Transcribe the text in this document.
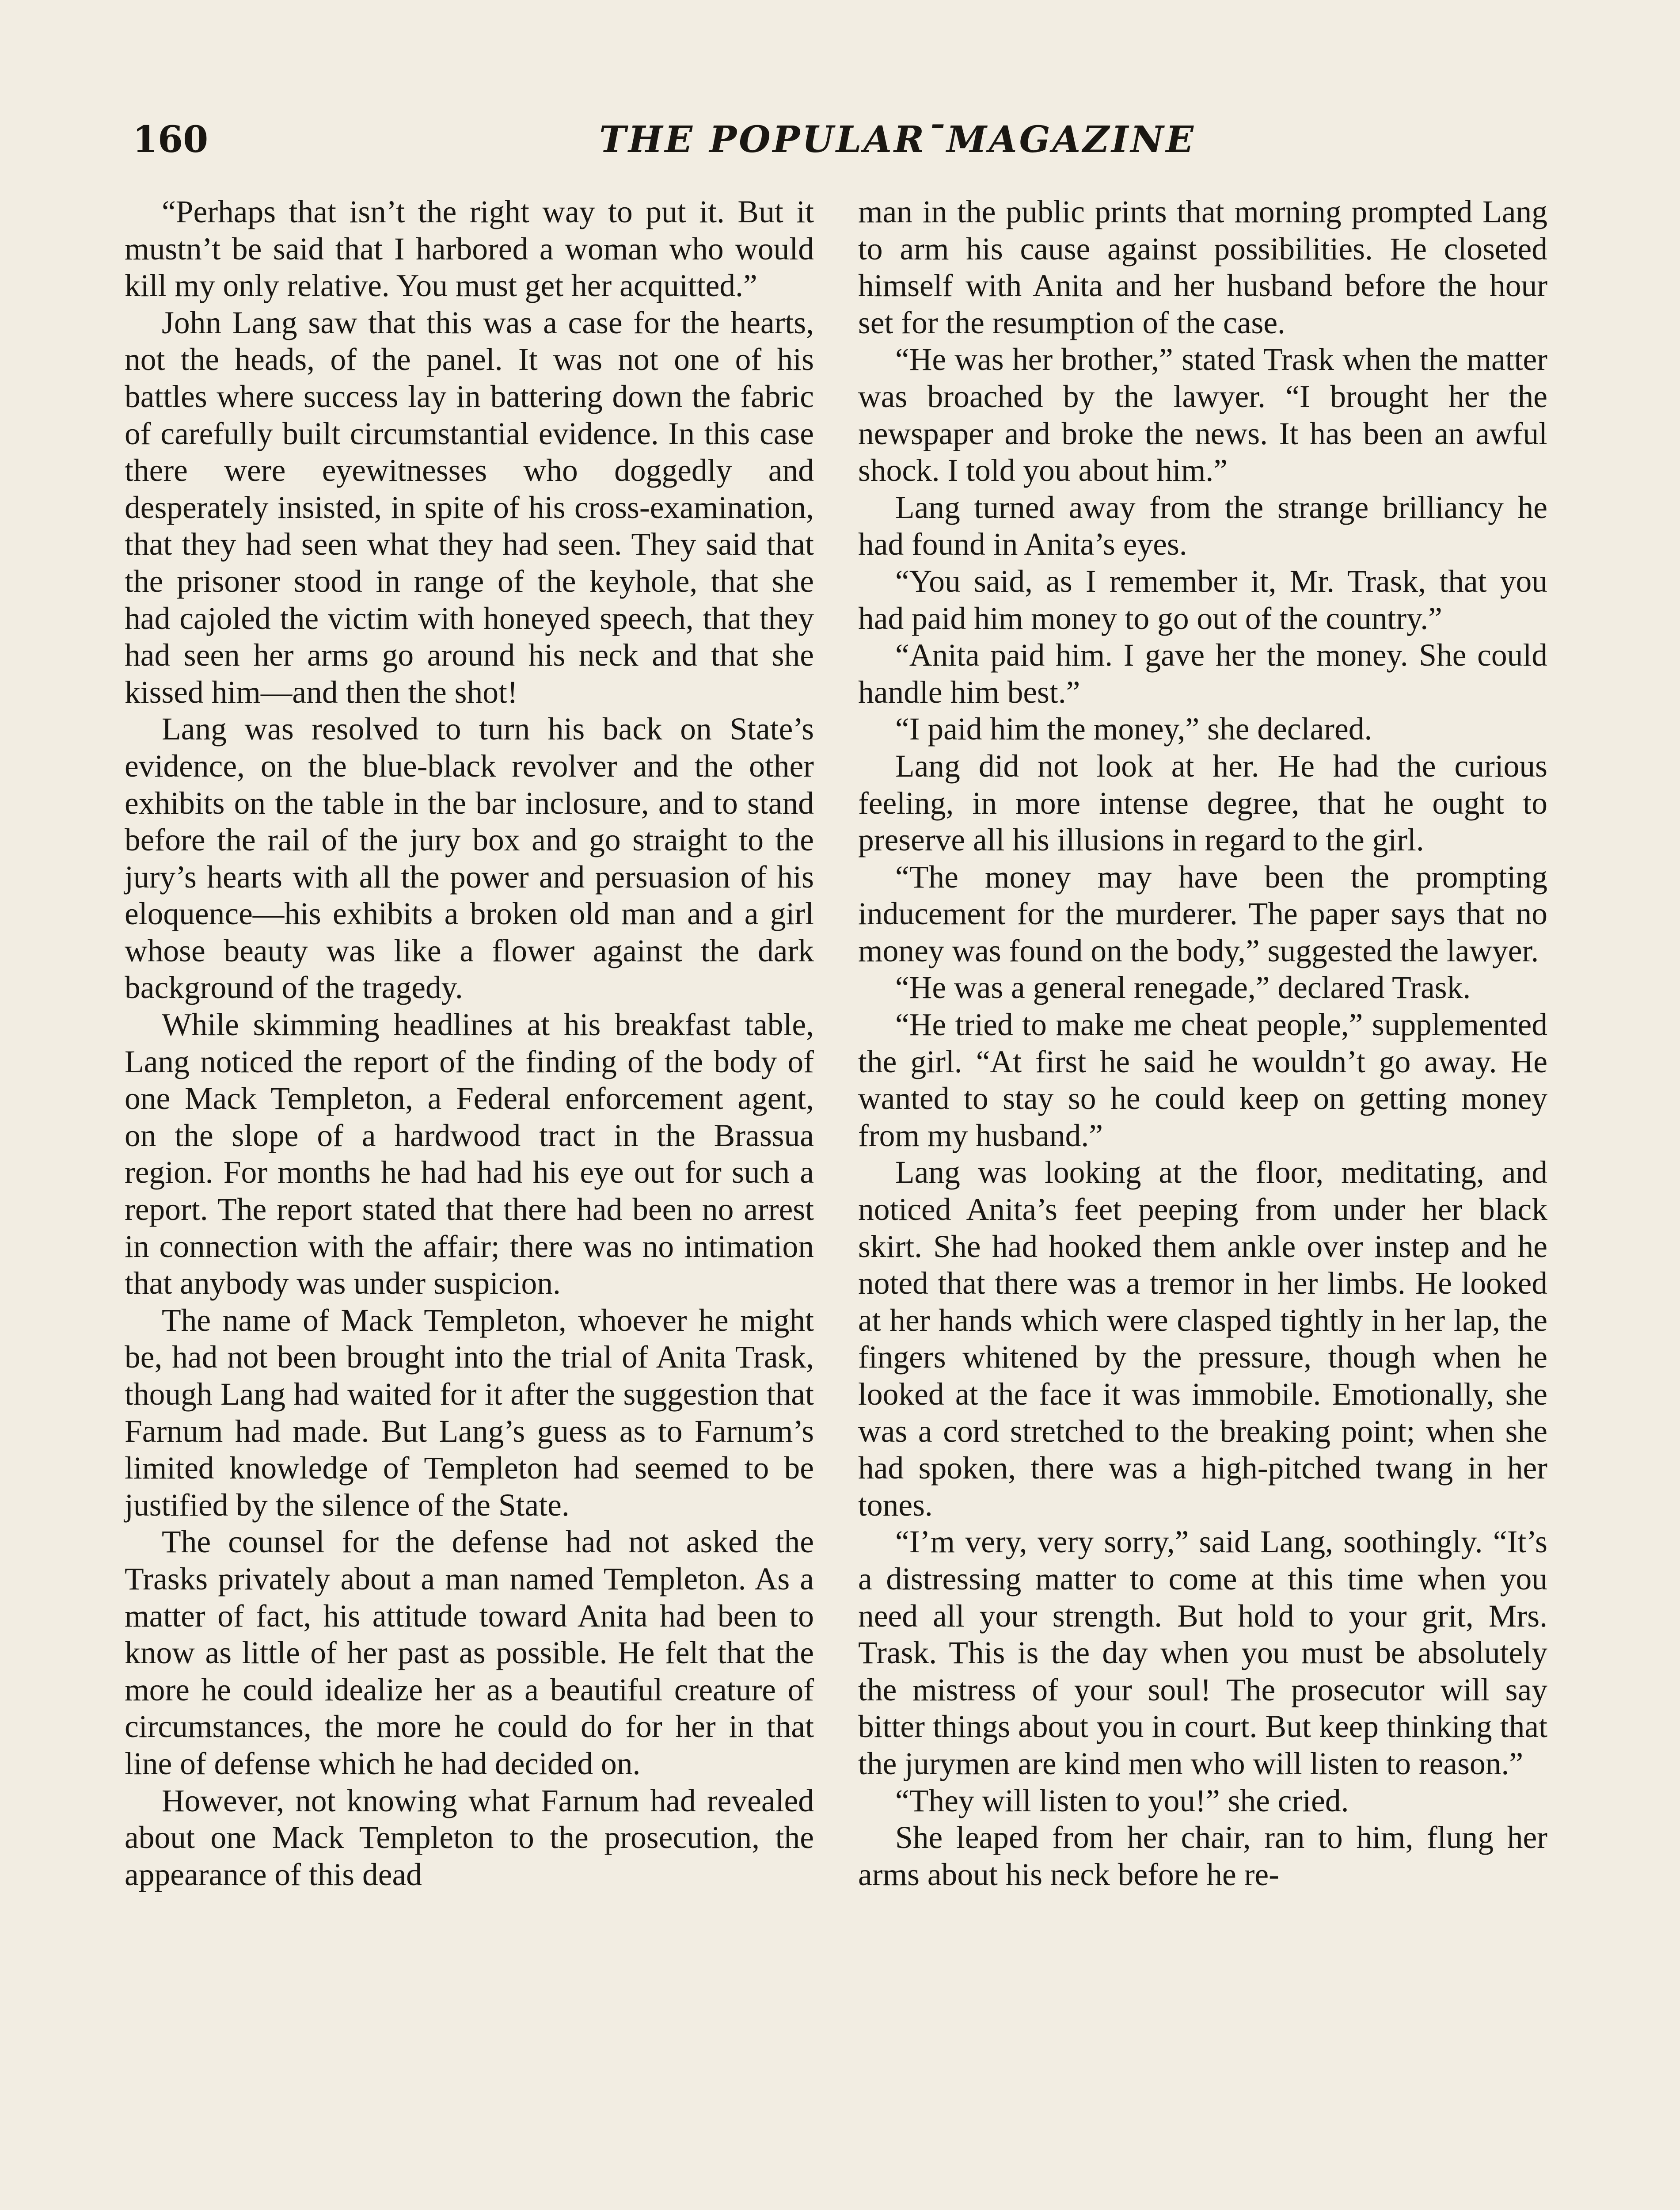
160	THE POPULARˉMAGAZINE

“Perhaps that isn’t the right way to put it. But it mustn’t be said that I harbored a woman who would kill my only relative. You must get her acquitted.”

John Lang saw that this was a case for the hearts, not the heads, of the panel. It was not one of his battles where success lay in battering down the fabric of carefully built circumstantial evidence. In this case there were eyewitnesses who doggedly and desperately insisted, in spite of his cross-examination, that they had seen what they had seen. They said that the prisoner stood in range of the keyhole, that she had cajoled the victim with honeyed speech, that they had seen her arms go around his neck and that she kissed him—and then the shot!

Lang was resolved to turn his back on State’s evidence, on the blue-black revolver and the other exhibits on the table in the bar inclosure, and to stand before the rail of the jury box and go straight to the jury’s hearts with all the power and persuasion of his eloquence—his exhibits a broken old man and a girl whose beauty was like a flower against the dark background of the tragedy.

While skimming headlines at his breakfast table, Lang noticed the report of the finding of the body of one Mack Templeton, a Federal enforcement agent, on the slope of a hardwood tract in the Brassua region. For months he had had his eye out for such a report. The report stated that there had been no arrest in connection with the affair; there was no intimation that anybody was under suspicion.

The name of Mack Templeton, whoever he might be, had not been brought into the trial of Anita Trask, though Lang had waited for it after the suggestion that Farnum had made. But Lang’s guess as to Farnum’s limited knowledge of Templeton had seemed to be justified by the silence of the State.

The counsel for the defense had not asked the Trasks privately about a man named Templeton. As a matter of fact, his attitude toward Anita had been to know as little of her past as possible. He felt that the more he could idealize her as a beautiful creature of circumstances, the more he could do for her in that line of defense which he had decided on.

However, not knowing what Farnum had revealed about one Mack Templeton to the prosecution, the appearance of this dead

man in the public prints that morning prompted Lang to arm his cause against possibilities. He closeted himself with Anita and her husband before the hour set for the resumption of the case.

“He was her brother,” stated Trask when the matter was broached by the lawyer. “I brought her the newspaper and broke the news. It has been an awful shock. I told you about him.”

Lang turned away from the strange brilliancy he had found in Anita’s eyes.

“You said, as I remember it, Mr. Trask, that you had paid him money to go out of the country.”

“Anita paid him. I gave her the money. She could handle him best.”

“I paid him the money,” she declared.

Lang did not look at her. He had the curious feeling, in more intense degree, that he ought to preserve all his illusions in regard to the girl.

“The money may have been the prompting inducement for the murderer. The paper says that no money was found on the body,” suggested the lawyer.

“He was a general renegade,” declared Trask.

“He tried to make me cheat people,” supplemented the girl. “At first he said he wouldn’t go away. He wanted to stay so he could keep on getting money from my husband.”

Lang was looking at the floor, meditating, and noticed Anita’s feet peeping from under her black skirt. She had hooked them ankle over instep and he noted that there was a tremor in her limbs. He looked at her hands which were clasped tightly in her lap, the fingers whitened by the pressure, though when he looked at the face it was immobile. Emotionally, she was a cord stretched to the breaking point; when she had spoken, there was a high-pitched twang in her tones.

“I’m very, very sorry,” said Lang, soothingly. “It’s a distressing matter to come at this time when you need all your strength. But hold to your grit, Mrs. Trask. This is the day when you must be absolutely the mistress of your soul! The prosecutor will say bitter things about you in court. But keep thinking that the jurymen are kind men who will listen to reason.”

“They will listen to you!” she cried.

She leaped from her chair, ran to him, flung her arms about his neck before he re-
